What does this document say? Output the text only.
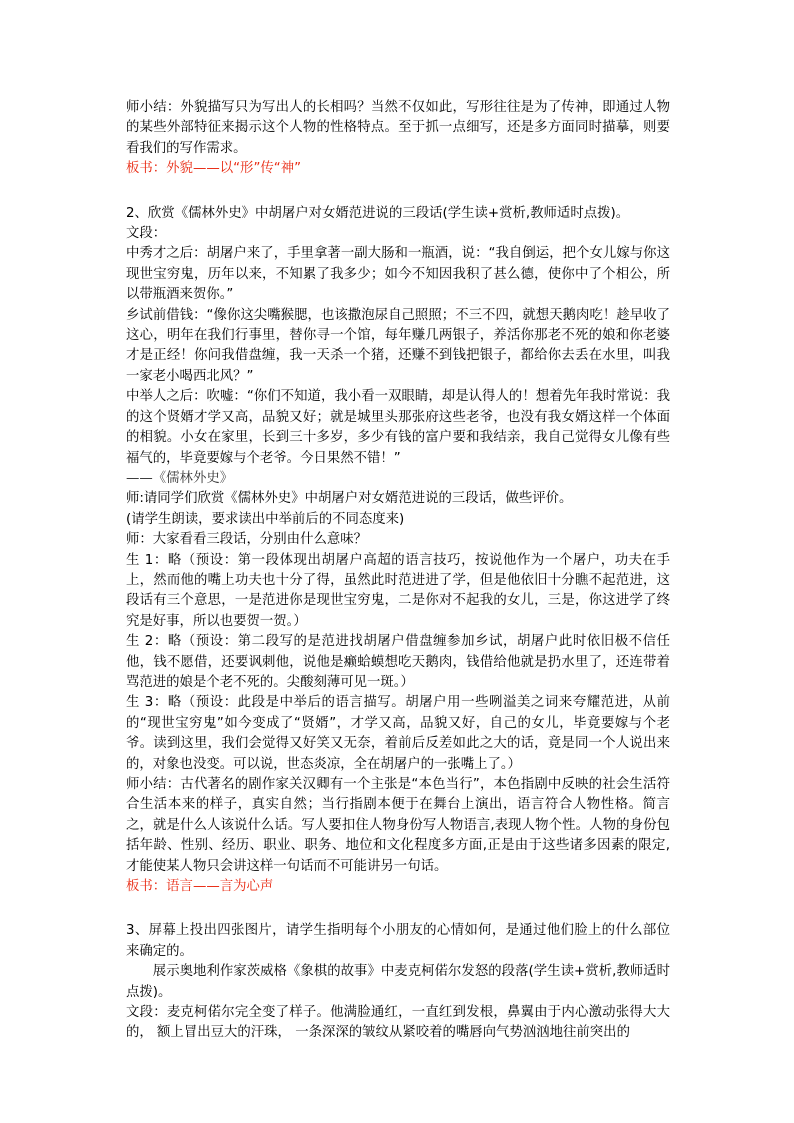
师小结：外貌描写只为写出人的长相吗？当然不仅如此，写形往往是为了传神，即通过人物的某些外部特征来揭示这个人物的性格特点。至于抓一点细写，还是多方面同时描摹，则要看我们的写作需求。

板书：外貌——以“形”传“神”

2、欣赏《儒林外史》中胡屠户对女婿范进说的三段话(学生读+赏析,教师适时点拨)。

文段：

中秀才之后：胡屠户来了，手里拿著一副大肠和一瓶酒，说：“我自倒运，把个女儿嫁与你这现世宝穷鬼，历年以来，不知累了我多少；如今不知因我积了甚么德，使你中了个相公，所以带瓶酒来贺你。”

乡试前借钱：“像你这尖嘴猴腮，也该撒泡尿自己照照；不三不四，就想天鹅肉吃！趁早收了这心，明年在我们行事里，替你寻一个馆，每年赚几两银子，养活你那老不死的娘和你老婆才是正经！你问我借盘缠，我一天杀一个猪，还赚不到钱把银子，都给你去丢在水里，叫我一家老小喝西北风？”

中举人之后：吹嘘：“你们不知道，我小看一双眼睛，却是认得人的！想着先年我时常说：我的这个贤婿才学又高，品貌又好；就是城里头那张府这些老爷，也没有我女婿这样一个体面的相貌。小女在家里，长到三十多岁，多少有钱的富户要和我结亲，我自己觉得女儿像有些福气的，毕竟要嫁与个老爷。今日果然不错！”

——《儒林外史》

师:请同学们欣赏《儒林外史》中胡屠户对女婿范进说的三段话，做些评价。

(请学生朗读，要求读出中举前后的不同态度来)

师：大家看看三段话，分别由什么意味？

生 1：略（预设：第一段体现出胡屠户高超的语言技巧，按说他作为一个屠户，功夫在手上，然而他的嘴上功夫也十分了得，虽然此时范进进了学，但是他依旧十分瞧不起范进，这段话有三个意思，一是范进你是现世宝穷鬼，二是你对不起我的女儿，三是，你这进学了终究是好事，所以也要贺一贺。）

生 2：略（预设：第二段写的是范进找胡屠户借盘缠参加乡试，胡屠户此时依旧极不信任他，钱不愿借，还要讽刺他，说他是癞蛤蟆想吃天鹅肉，钱借给他就是扔水里了，还连带着骂范进的娘是个老不死的。尖酸刻薄可见一斑。）

生 3：略（预设：此段是中举后的语言描写。胡屠户用一些咧溢美之词来夸耀范进，从前的“现世宝穷鬼”如今变成了“贤婿”，才学又高，品貌又好，自己的女儿，毕竟要嫁与个老爷。读到这里，我们会觉得又好笑又无奈，着前后反差如此之大的话，竟是同一个人说出来的，对象也没变。可以说，世态炎凉，全在胡屠户的一张嘴上了。）

师小结：古代著名的剧作家关汉卿有一个主张是“本色当行”，本色指剧中反映的社会生活符合生活本来的样子，真实自然；当行指剧本便于在舞台上演出，语言符合人物性格。简言之，就是什么人该说什么话。写人要扣住人物身份写人物语言,表现人物个性。人物的身份包括年龄、性别、经历、职业、职务、地位和文化程度多方面,正是由于这些诸多因素的限定,才能使某人物只会讲这样一句话而不可能讲另一句话。

板书：语言——言为心声

3、屏幕上投出四张图片，请学生指明每个小朋友的心情如何，是通过他们脸上的什么部位来确定的。

展示奥地利作家茨威格《象棋的故事》中麦克柯偌尔发怒的段落(学生读+赏析,教师适时点拨)。

文段：麦克柯偌尔完全变了样子。他满脸通红，一直红到发根，鼻翼由于内心激动张得大大的， 额上冒出豆大的汗珠， 一条深深的皱纹从紧咬着的嘴唇向气势汹汹地往前突出的
